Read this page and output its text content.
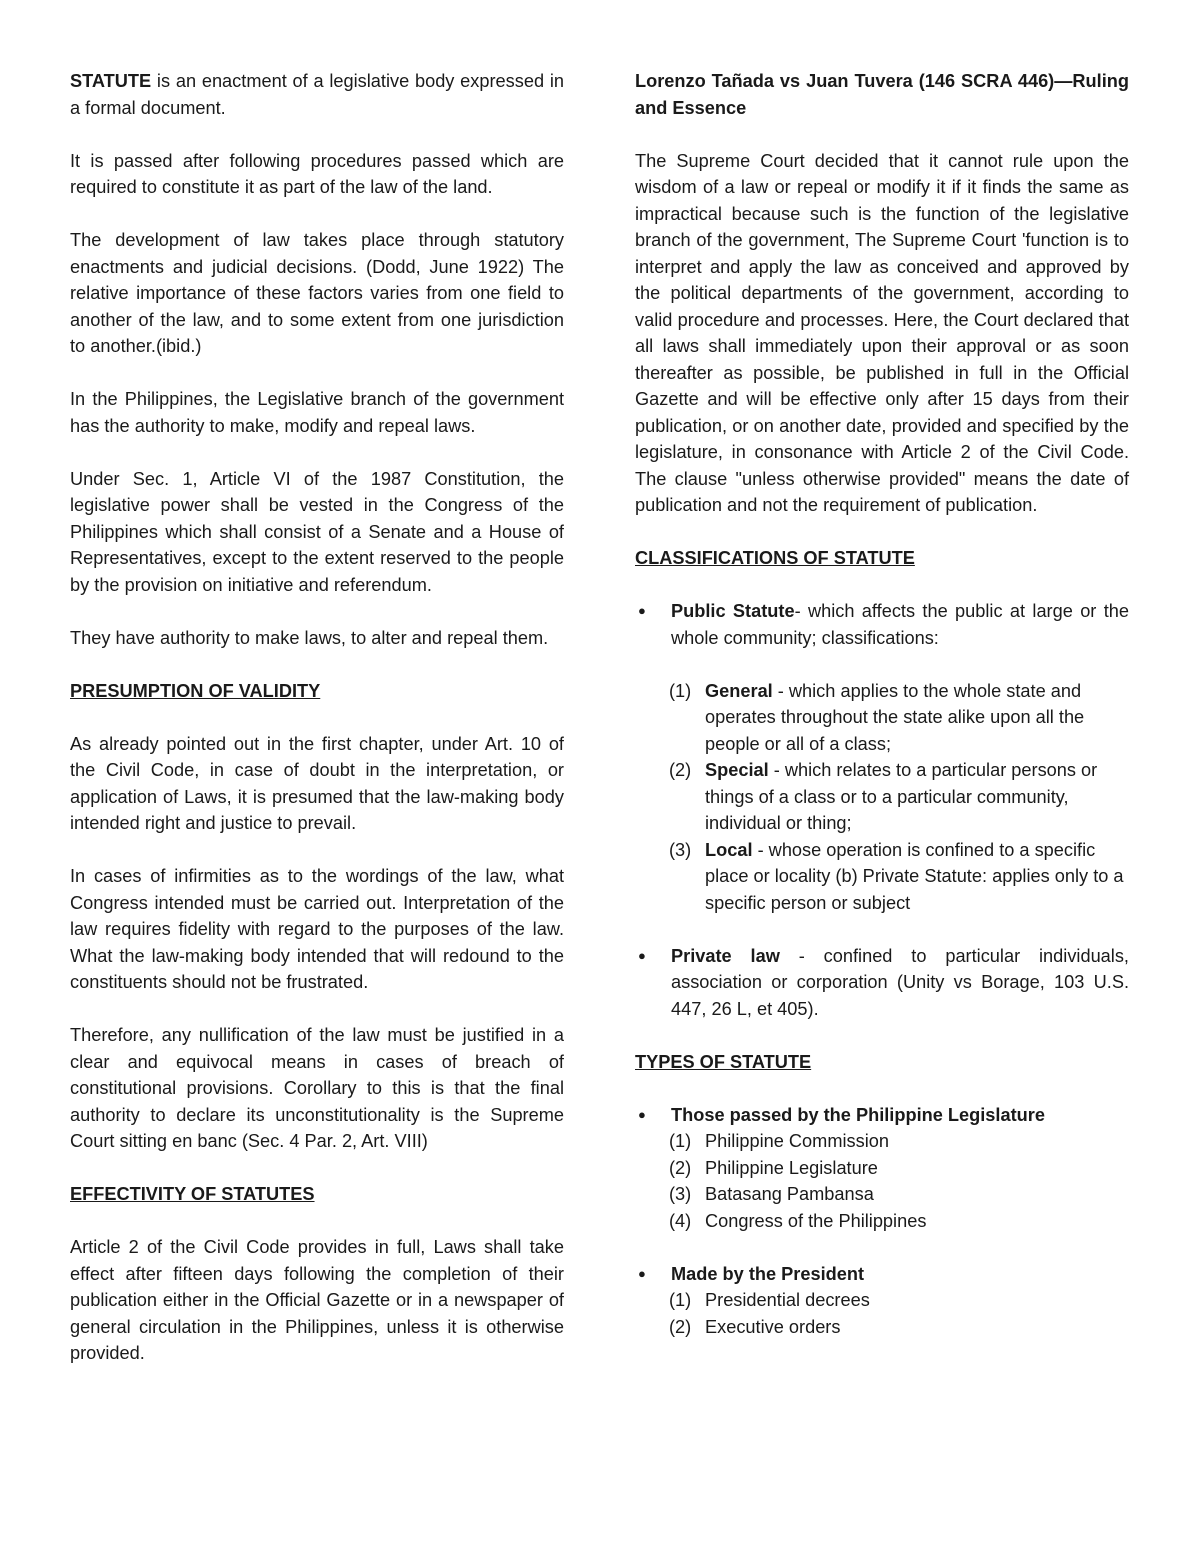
STATUTE is an enactment of a legislative body expressed in a formal document.

It is passed after following procedures passed which are required to constitute it as part of the law of the land.

The development of law takes place through statutory enactments and judicial decisions. (Dodd, June 1922) The relative importance of these factors varies from one field to another of the law, and to some extent from one jurisdiction to another.(ibid.)

In the Philippines, the Legislative branch of the government has the authority to make, modify and repeal laws.

Under Sec. 1, Article VI of the 1987 Constitution, the legislative power shall be vested in the Congress of the Philippines which shall consist of a Senate and a House of Representatives, except to the extent reserved to the people by the provision on initiative and referendum.

They have authority to make laws, to alter and repeal them.

PRESUMPTION OF VALIDITY

As already pointed out in the first chapter, under Art. 10 of the Civil Code, in case of doubt in the interpretation, or application of Laws, it is presumed that the law-making body intended right and justice to prevail.

In cases of infirmities as to the wordings of the law, what Congress intended must be carried out. Interpretation of the law requires fidelity with regard to the purposes of the law. What the law-making body intended that will redound to the constituents should not be frustrated.

Therefore, any nullification of the law must be justified in a clear and equivocal means in cases of breach of constitutional provisions. Corollary to this is that the final authority to declare its unconstitutionality is the Supreme Court sitting en banc (Sec. 4 Par. 2, Art. VIII)

EFFECTIVITY OF STATUTES

Article 2 of the Civil Code provides in full, Laws shall take effect after fifteen days following the completion of their publication either in the Official Gazette or in a newspaper of general circulation in the Philippines, unless it is otherwise provided.

Lorenzo Tañada vs Juan Tuvera (146 SCRA 446)—Ruling and Essence

The Supreme Court decided that it cannot rule upon the wisdom of a law or repeal or modify it if it finds the same as impractical because such is the function of the legislative branch of the government, The Supreme Court 'function is to interpret and apply the law as conceived and approved by the political departments of the government, according to valid procedure and processes. Here, the Court declared that all laws shall immediately upon their approval or as soon thereafter as possible, be published in full in the Official Gazette and will be effective only after 15 days from their publication, or on another date, provided and specified by the legislature, in consonance with Article 2 of the Civil Code. The clause "unless otherwise provided" means the date of publication and not the requirement of publication.

CLASSIFICATIONS OF STATUTE

● Public Statute- which affects the public at large or the whole community; classifications:
(1) General - which applies to the whole state and operates throughout the state alike upon all the people or all of a class;
(2) Special - which relates to a particular persons or things of a class or to a particular community, individual or thing;
(3) Local - whose operation is confined to a specific place or locality (b) Private Statute: applies only to a specific person or subject
● Private law - confined to particular individuals, association or corporation (Unity vs Borage, 103 U.S. 447, 26 L, et 405).

TYPES OF STATUTE

● Those passed by the Philippine Legislature
(1) Philippine Commission
(2) Philippine Legislature
(3) Batasang Pambansa
(4) Congress of the Philippines
● Made by the President
(1) Presidential decrees
(2) Executive orders
